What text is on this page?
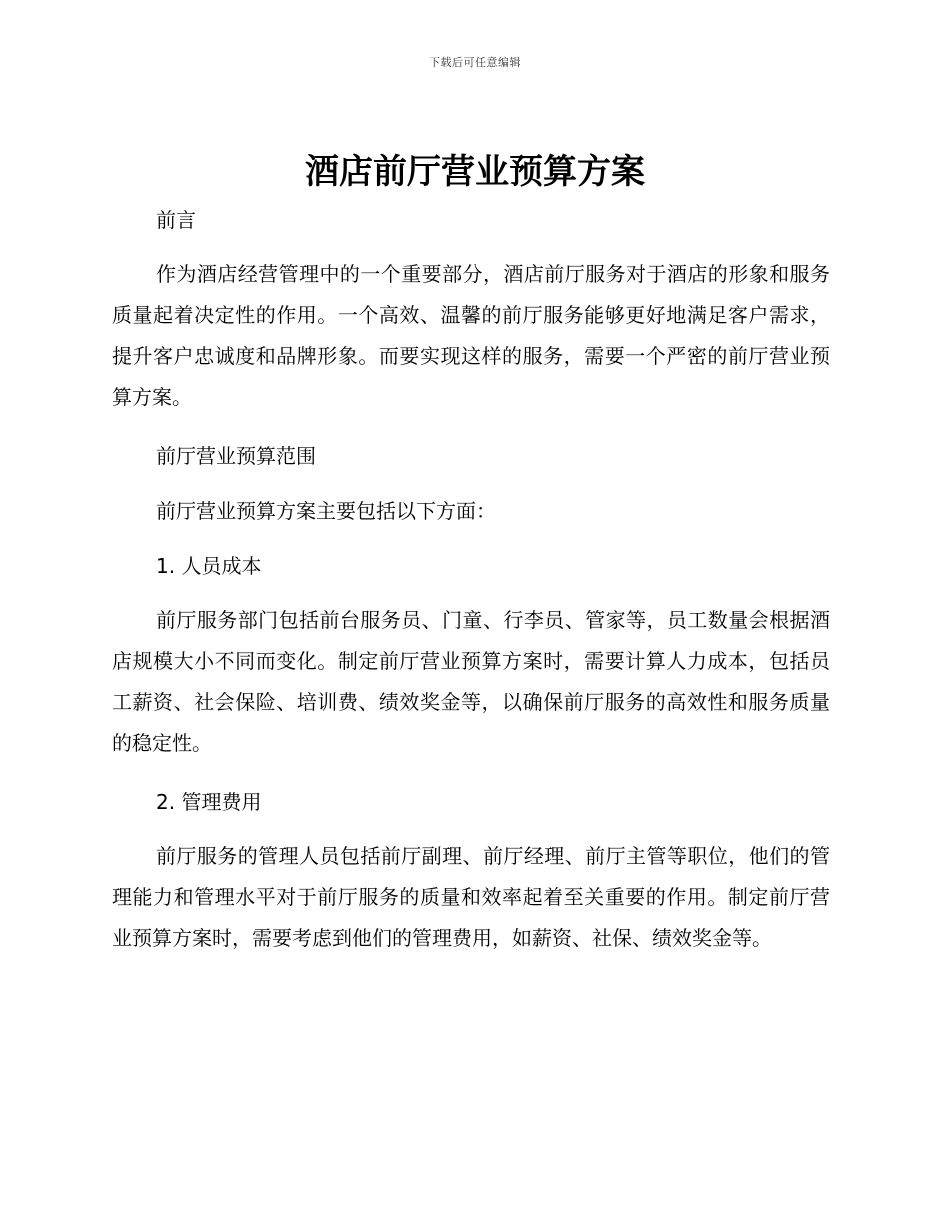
下载后可任意编辑
酒店前厅营业预算方案
前言

作为酒店经营管理中的一个重要部分，酒店前厅服务对于酒店的形象和服务质量起着决定性的作用。一个高效、温馨的前厅服务能够更好地满足客户需求，提升客户忠诚度和品牌形象。而要实现这样的服务，需要一个严密的前厅营业预算方案。

前厅营业预算范围

前厅营业预算方案主要包括以下方面：

1. 人员成本

前厅服务部门包括前台服务员、门童、行李员、管家等，员工数量会根据酒店规模大小不同而变化。制定前厅营业预算方案时，需要计算人力成本，包括员工薪资、社会保险、培训费、绩效奖金等，以确保前厅服务的高效性和服务质量的稳定性。

2. 管理费用

前厅服务的管理人员包括前厅副理、前厅经理、前厅主管等职位，他们的管理能力和管理水平对于前厅服务的质量和效率起着至关重要的作用。制定前厅营业预算方案时，需要考虑到他们的管理费用，如薪资、社保、绩效奖金等。
